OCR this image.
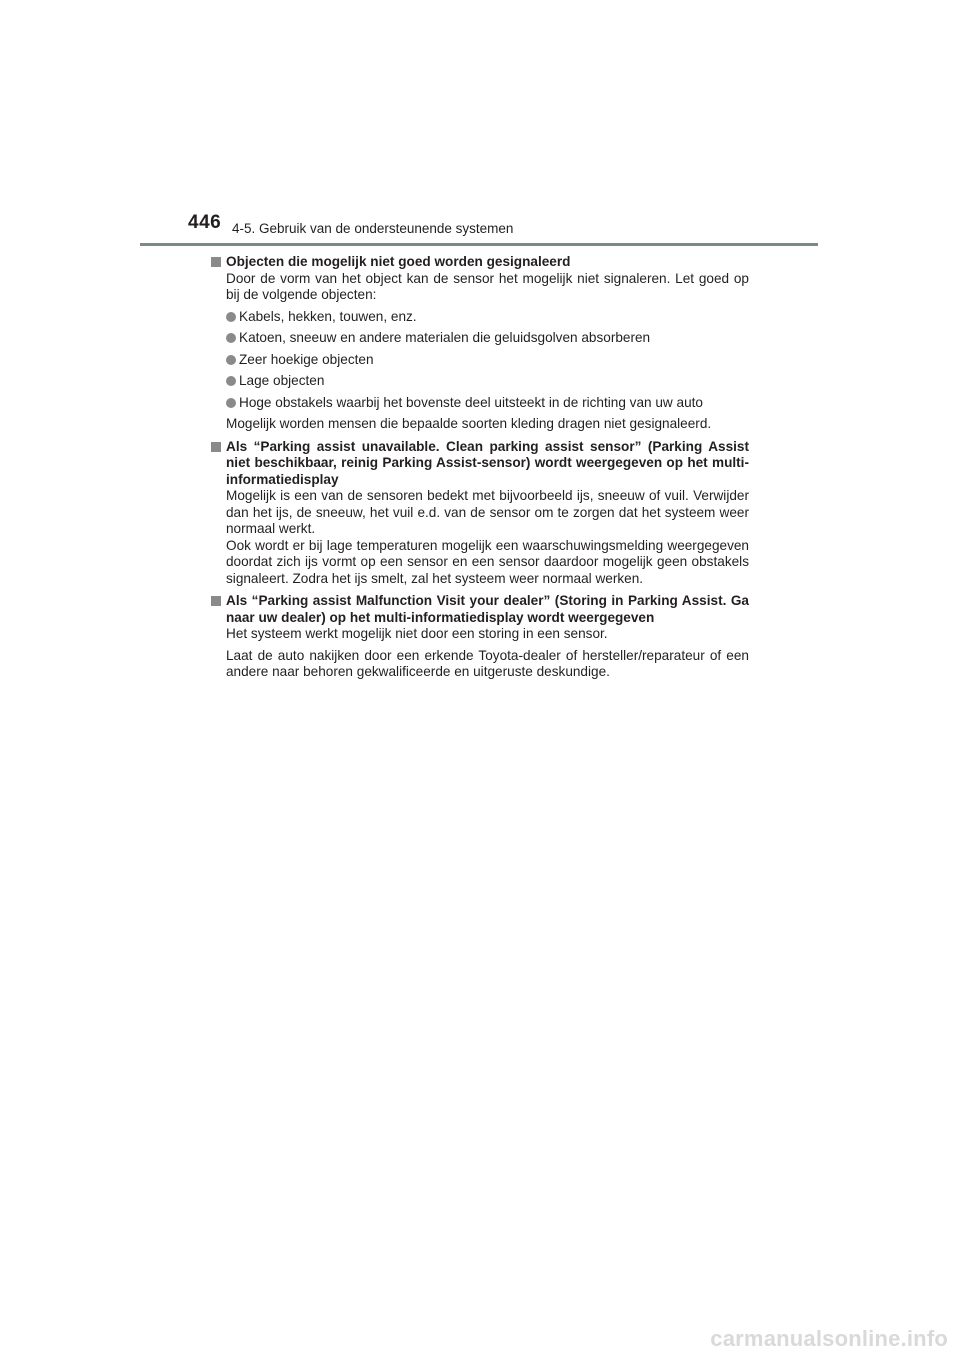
446 4-5. Gebruik van de ondersteunende systemen
Objecten die mogelijk niet goed worden gesignaleerd
Door de vorm van het object kan de sensor het mogelijk niet signaleren. Let goed op bij de volgende objecten:
Kabels, hekken, touwen, enz.
Katoen, sneeuw en andere materialen die geluidsgolven absorberen
Zeer hoekige objecten
Lage objecten
Hoge obstakels waarbij het bovenste deel uitsteekt in de richting van uw auto
Mogelijk worden mensen die bepaalde soorten kleding dragen niet gesignaleerd.
Als “Parking assist unavailable. Clean parking assist sensor” (Parking Assist niet beschikbaar, reinig Parking Assist-sensor) wordt weergegeven op het multi-informatiedisplay
Mogelijk is een van de sensoren bedekt met bijvoorbeeld ijs, sneeuw of vuil. Verwijder dan het ijs, de sneeuw, het vuil e.d. van de sensor om te zorgen dat het systeem weer normaal werkt.
Ook wordt er bij lage temperaturen mogelijk een waarschuwingsmelding weergegeven doordat zich ijs vormt op een sensor en een sensor daardoor mogelijk geen obstakels signaleert. Zodra het ijs smelt, zal het systeem weer normaal werken.
Als “Parking assist Malfunction Visit your dealer” (Storing in Parking Assist. Ga naar uw dealer) op het multi-informatiedisplay wordt weergegeven
Het systeem werkt mogelijk niet door een storing in een sensor.
Laat de auto nakijken door een erkende Toyota-dealer of hersteller/reparateur of een andere naar behoren gekwalificeerde en uitgeruste deskundige.
carmanualsonline.info
